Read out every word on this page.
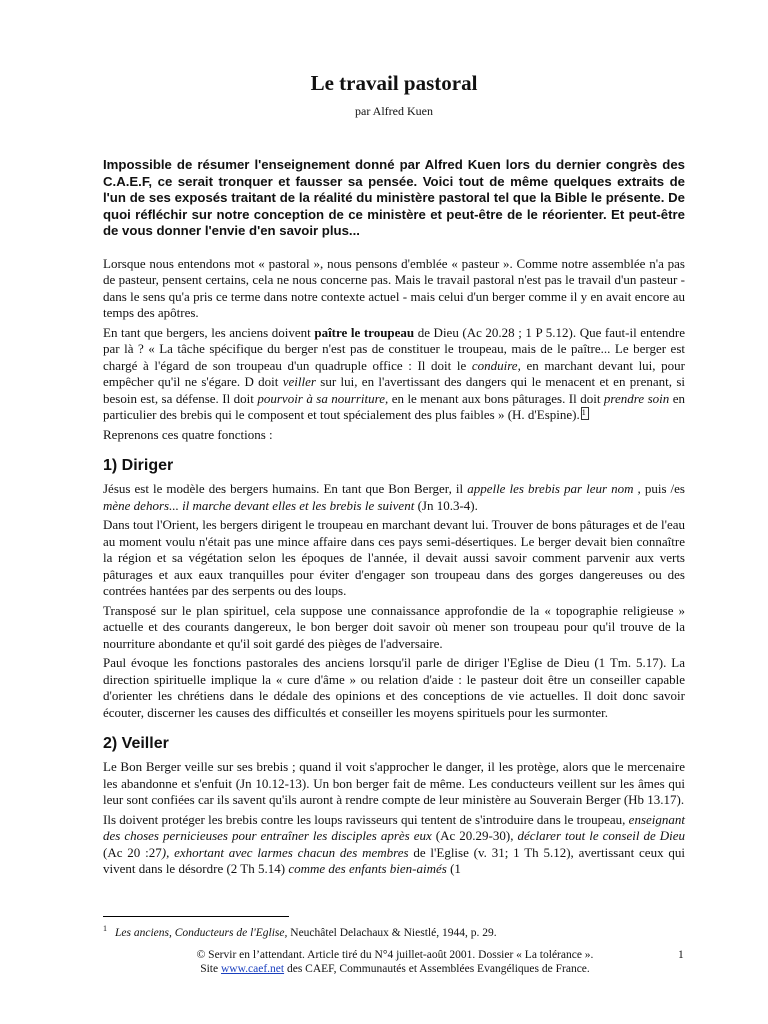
Le travail pastoral
par Alfred Kuen
Impossible de résumer l'enseignement donné par Alfred Kuen lors du dernier congrès des C.A.E.F, ce serait tronquer et fausser sa pensée. Voici tout de même quelques extraits de l'un de ses exposés traitant de la réalité du ministère pastoral tel que la Bible le présente. De quoi réfléchir sur notre conception de ce ministère et peut-être de le réorienter. Et peut-être de vous donner l'envie d'en savoir plus...

Lorsque nous entendons mot « pastoral », nous pensons d'emblée « pasteur ». Comme notre assemblée n'a pas de pasteur, pensent certains, cela ne nous concerne pas. Mais le travail pastoral n'est pas le travail d'un pasteur - dans le sens qu'a pris ce terme dans notre contexte actuel - mais celui d'un berger comme il y en avait encore au temps des apôtres.

En tant que bergers, les anciens doivent paître le troupeau de Dieu (Ac 20.28 ; 1 P 5.12). Que faut-il entendre par là ? « La tâche spécifique du berger n'est pas de constituer le troupeau, mais de le paître... Le berger est chargé à l'égard de son troupeau d'un quadruple office : Il doit le conduire, en marchant devant lui, pour empêcher qu'il ne s'égare. D doit veiller sur lui, en l'avertissant des dangers qui le menacent et en prenant, si besoin est, sa défense. Il doit pourvoir à sa nourriture, en le menant aux bons pâturages. Il doit prendre soin en particulier des brebis qui le composent et tout spécialement des plus faibles » (H. d'Espine). 1

Reprenons ces quatre fonctions :

1) Diriger

Jésus est le modèle des bergers humains. En tant que Bon Berger, il appelle les brebis par leur nom , puis /es mène dehors... il marche devant elles et les brebis le suivent (Jn 10.3-4).

Dans tout l'Orient, les bergers dirigent le troupeau en marchant devant lui. Trouver de bons pâturages et de l'eau au moment voulu n'était pas une mince affaire dans ces pays semi-désertiques. Le berger devait bien connaître la région et sa végétation selon les époques de l'année, il devait aussi savoir comment parvenir aux verts pâturages et aux eaux tranquilles pour éviter d'engager son troupeau dans des gorges dangereuses ou des contrées hantées par des serpents ou des loups.

Transposé sur le plan spirituel, cela suppose une connaissance approfondie de la « topographie religieuse » actuelle et des courants dangereux, le bon berger doit savoir où mener son troupeau pour qu'il trouve de la nourriture abondante et qu'il soit gardé des pièges de l'adversaire.

Paul évoque les fonctions pastorales des anciens lorsqu'il parle de diriger l'Eglise de Dieu (1 Tm. 5.17). La direction spirituelle implique la « cure d'âme » ou relation d'aide : le pasteur doit être un conseiller capable d'orienter les chrétiens dans le dédale des opinions et des conceptions de vie actuelles. Il doit donc savoir écouter, discerner les causes des difficultés et conseiller les moyens spirituels pour les surmonter.

2) Veiller

Le Bon Berger veille sur ses brebis ; quand il voit s'approcher le danger, il les protège, alors que le mercenaire les abandonne et s'enfuit (Jn 10.12-13). Un bon berger fait de même. Les conducteurs veillent sur les âmes qui leur sont confiées car ils savent qu'ils auront à rendre compte de leur ministère au Souverain Berger (Hb 13.17).

Ils doivent protéger les brebis contre les loups ravisseurs qui tentent de s'introduire dans le troupeau, enseignant des choses pernicieuses pour entraîner les disciples après eux (Ac 20.29-30), déclarer tout le conseil de Dieu (Ac 20 :27), exhortant avec larmes chacun des membres de l'Eglise (v. 31; 1 Th 5.12), avertissant ceux qui vivent dans le désordre (2 Th 5.14) comme des enfants bien-aimés (1

$^1$ Les anciens, Conducteurs de l'Eglise, Neuchâtel Delachaux & Niestlé, 1944, p. 29.
© Servir en l’attendant. Article tiré du N°4 juillet-août 2001. Dossier « La tolérance ».
Site www.caef.net des CAEF, Communautés et Assemblées Evangéliques de France.
1
